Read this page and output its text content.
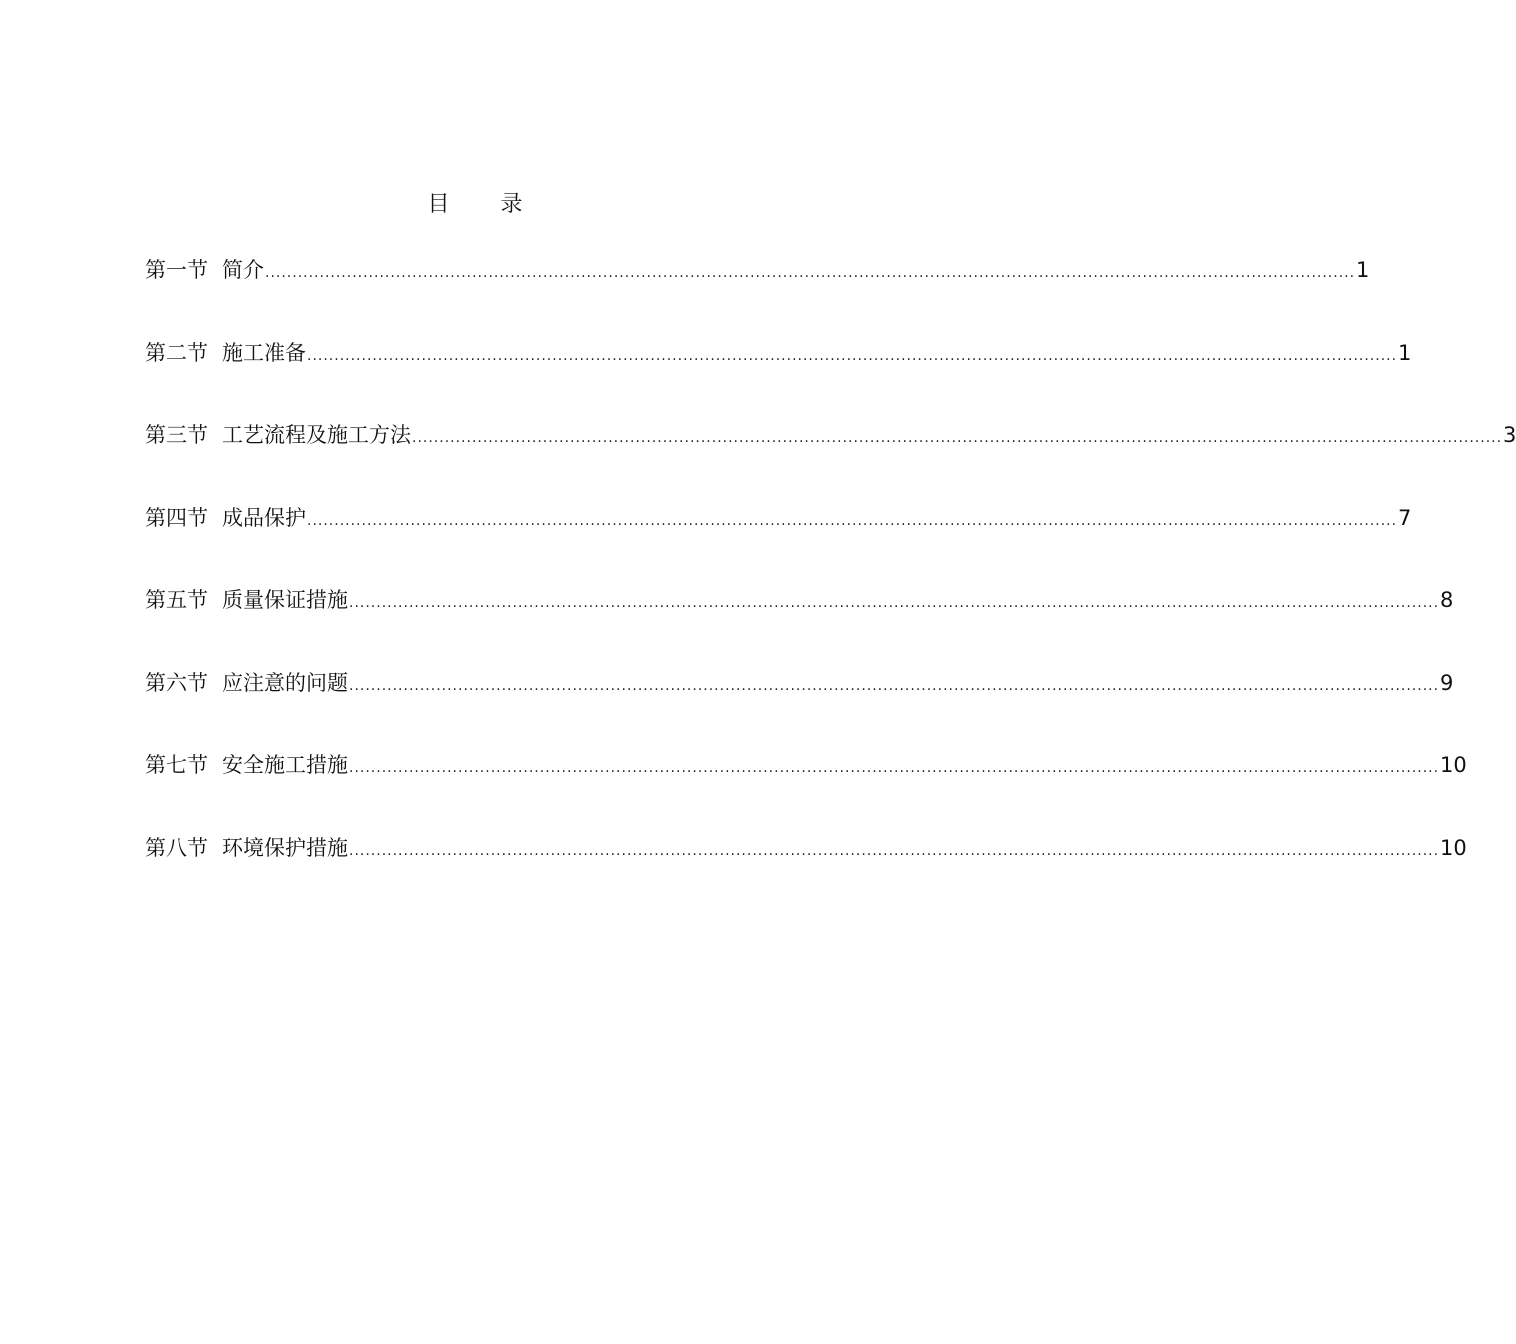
目 录
第一节 简介 ........................................................................................................................................................................................................ 1
第二节 施工准备 ........................................................................................................................................................................................................ 1
第三节 工艺流程及施工方法 ........................................................................................................................................................................................................ 3
第四节 成品保护 ........................................................................................................................................................................................................ 7
第五节 质量保证措施 ........................................................................................................................................................................................................ 8
第六节 应注意的问题 ........................................................................................................................................................................................................ 9
第七节 安全施工措施 ........................................................................................................................................................................................................ 10
第八节 环境保护措施 ........................................................................................................................................................................................................ 10
